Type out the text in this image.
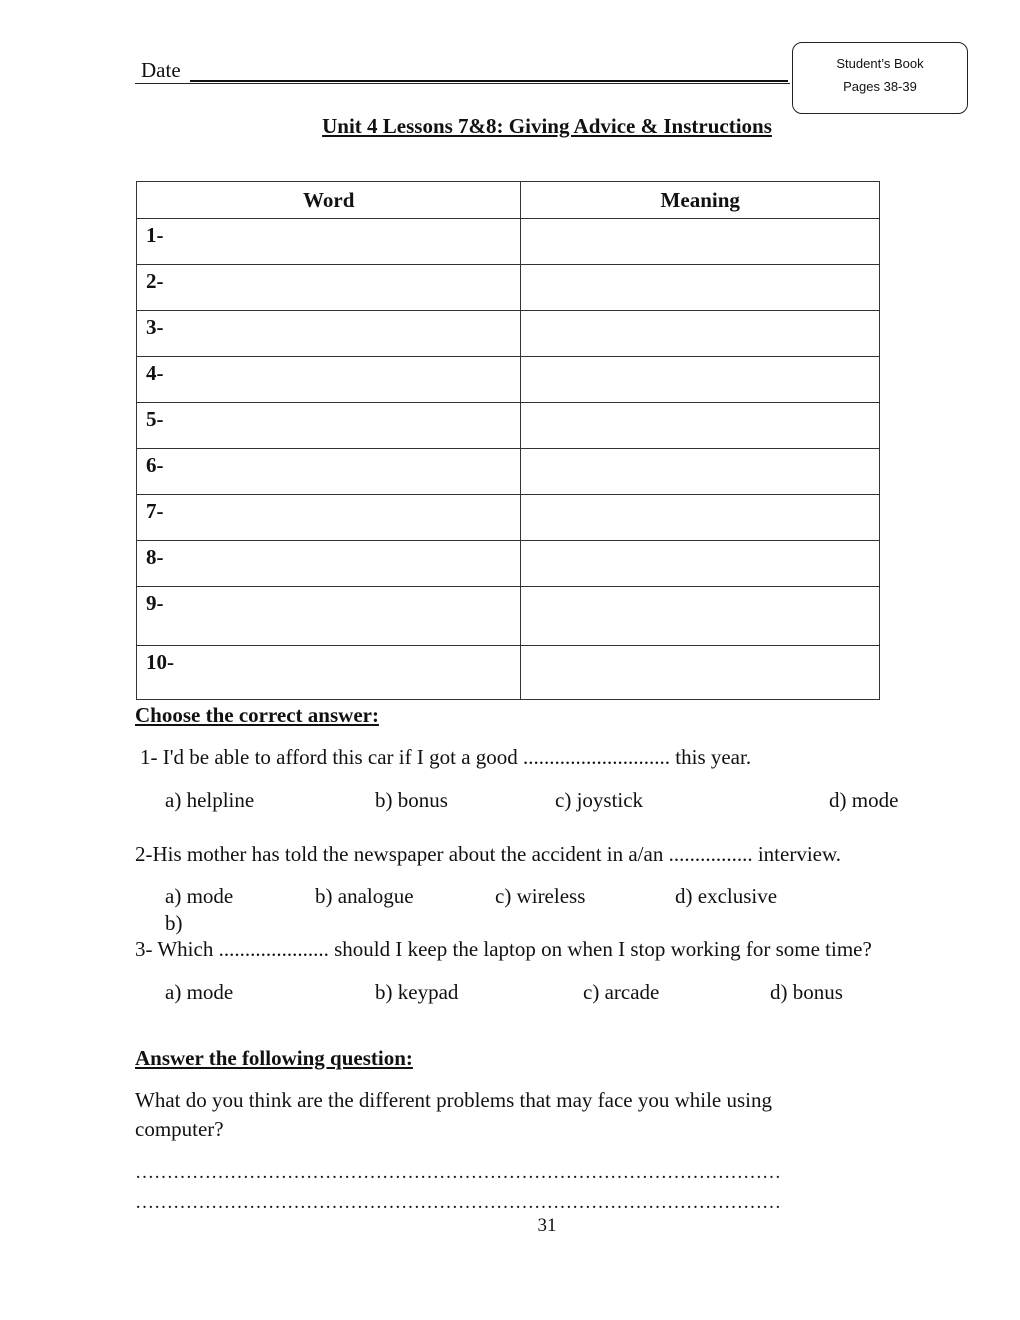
Date	Student’s Book
Pages 38-39
Unit 4 Lessons 7&8: Giving Advice & Instructions
Word	Meaning
1-	
2-	
3-	
4-	
5-	
6-	
7-	
8-	
9-	
10-	
Choose the correct answer:
1- I'd be able to afford this car if I got a good ............................ this year.
a) helpline	b) bonus	c) joystick	d) mode
2-His mother has told the newspaper about the accident in a/an ................ interview.
a) mode	b) analogue	c) wireless	d) exclusive
b)
3- Which ..................... should I keep the laptop on when I stop working for some time?
a) mode	b) keypad	c) arcade	d) bonus
Answer the following question:
What do you think are the different problems that may face you while using
computer?
…………………………………………………………………………………………
…………………………………………………………………………………………
31
